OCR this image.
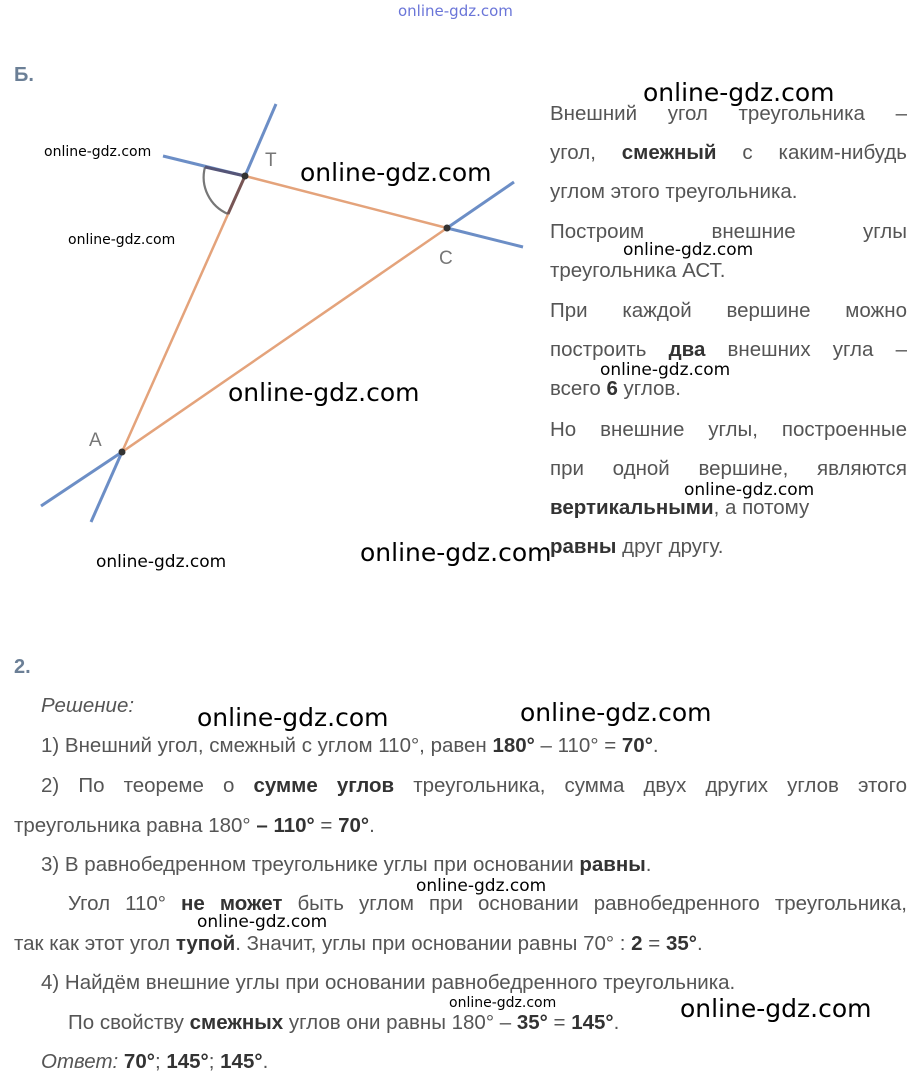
online-gdz.com
Б.
T
C
A

Внешний угол треугольника –

угол, смежный с каким-нибудь

углом этого треугольника.

Построим внешние углы

треугольника АСТ.

При каждой вершине можно

построить два внешних угла –

всего 6 углов.

Но внешние углы, построенные

при одной вершине, являются

вертикальными, а потому

равны друг другу.

2.
Решение:
1) Внешний угол, смежный с углом 110°, равен 180° – 110° = 70°.
2) По теореме о сумме углов треугольника, сумма двух других углов этого
треугольника равна 180° – 110° = 70°.
3) В равнобедренном треугольнике углы при основании равны.
Угол 110° не может быть углом при основании равнобедренного треугольника,
так как этот угол тупой. Значит, углы при основании равны 70° : 2 = 35°.
4) Найдём внешние углы при основании равнобедренного треугольника.
По свойству смежных углов они равны 180° – 35° = 145°.
Ответ: 70°; 145°; 145°.
online-gdz.com
online-gdz.com
online-gdz.com
online-gdz.com	online-gdz.com
online-gdz.com
online-gdz.com
online-gdz.com
online-gdz.com	online-gdz.com
online-gdz.com
online-gdz.com
online-gdz.com
online-gdz.com
online-gdz.com	online-gdz.com
